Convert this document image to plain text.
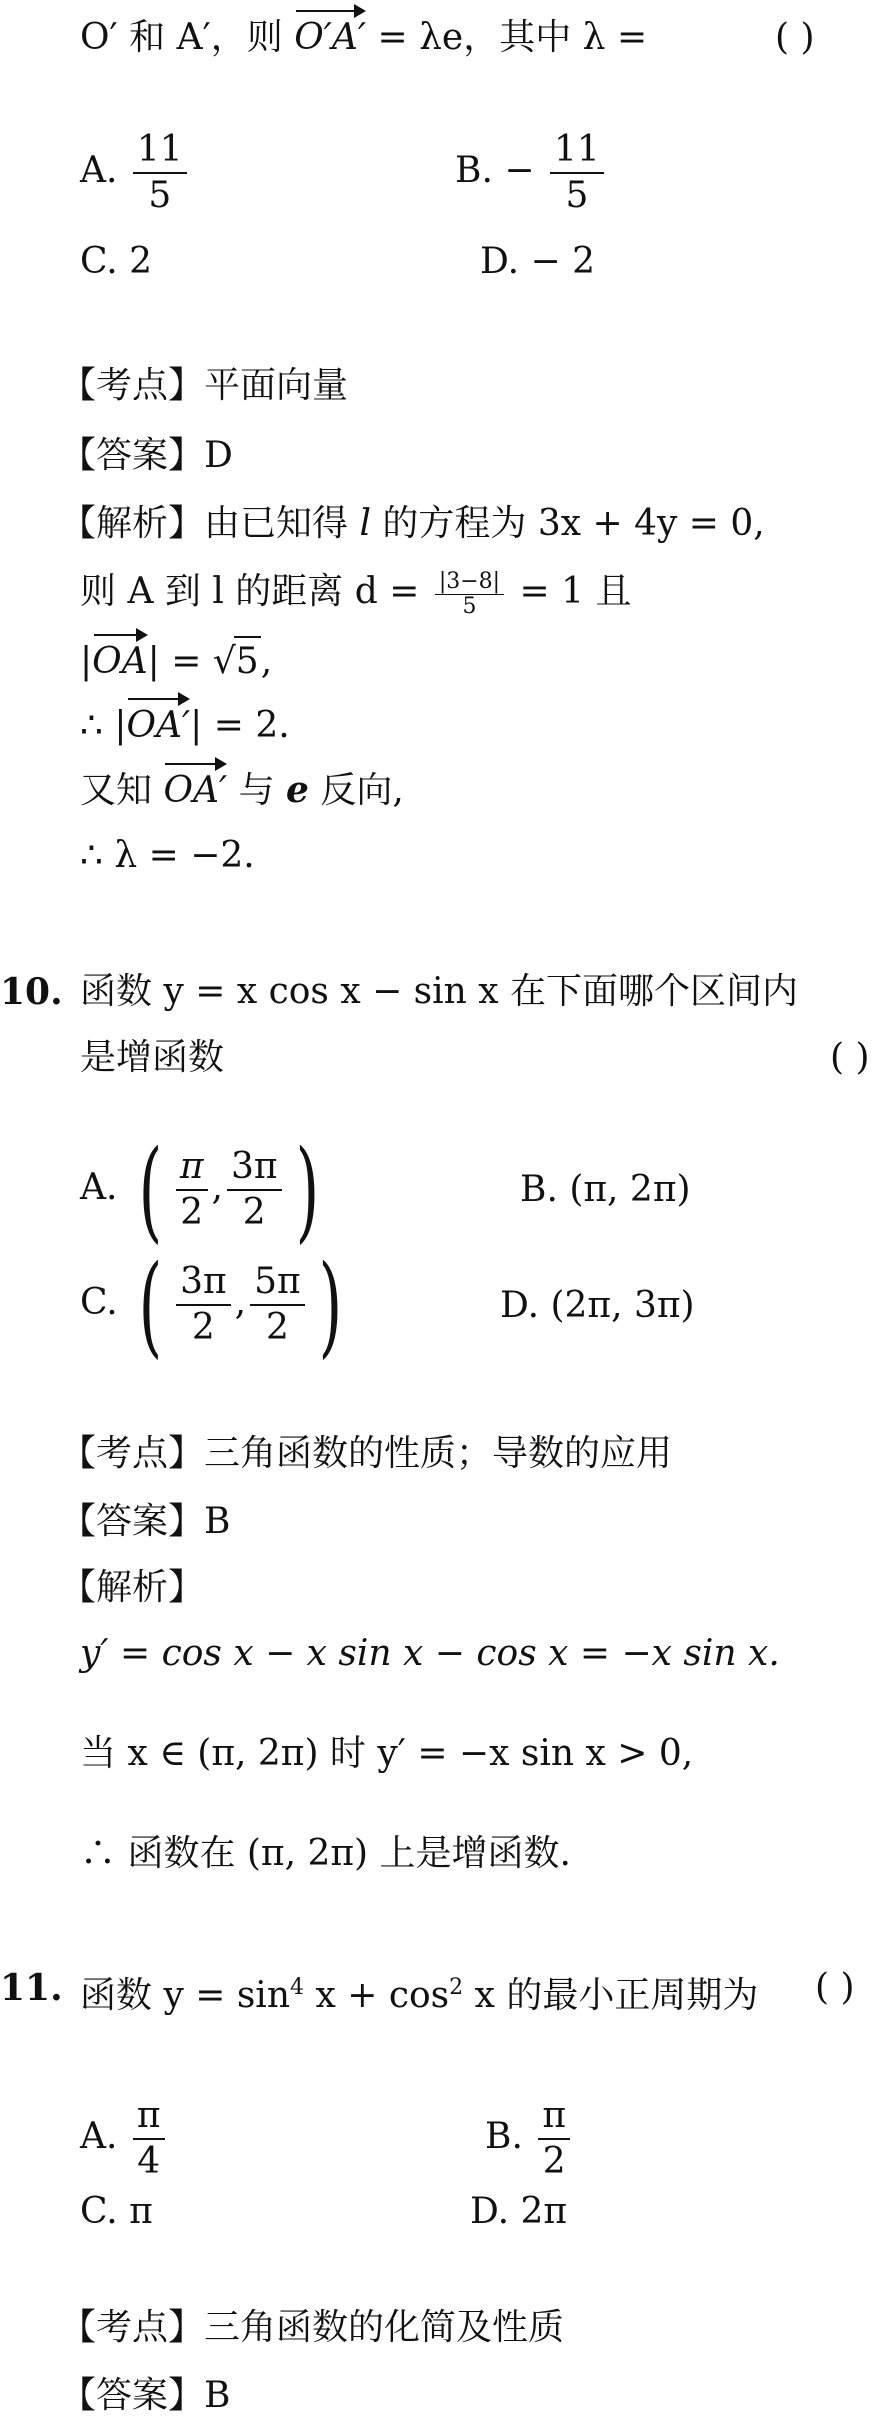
O′ 和 A′，则 O′A′ = λe，其中 λ =	( )
A. $\frac{11}{5}$	B. − $\frac{11}{5}$
C. 2	D. − 2
【考点】平面向量
【答案】D
【解析】由已知得 l 的方程为 3x + 4y = 0,
则 A 到 l 的距离 $d = \frac{|3-8|}{5} = 1$ 且
|OA| = √5,
∴ |OA′| = 2.
又知 OA′ 与 e 反向,
∴ λ = −2.
10. 函数 y = x cos x − sin x 在下面哪个区间内
是增函数	( )
A. ( $\frac{\pi}{2}$ , $\frac{3\pi}{2}$ )	B. (π, 2π)
C. ( $\frac{3\pi}{2}$ , $\frac{5\pi}{2}$ )	D. (2π, 3π)
【考点】三角函数的性质；导数的应用
【答案】B
【解析】
y′ = cos x − x sin x − cos x = −x sin x.
当 x ∈ (π, 2π) 时 y′ = −x sin x > 0,
∴ 函数在 (π, 2π) 上是增函数.
11. 函数 $y = \sin^4 x + \cos^2 x$ 的最小正周期为 ( )
A. $\frac{\pi}{4}$	B. $\frac{\pi}{2}$
C. π	D. 2π
【考点】三角函数的化简及性质
【答案】B
